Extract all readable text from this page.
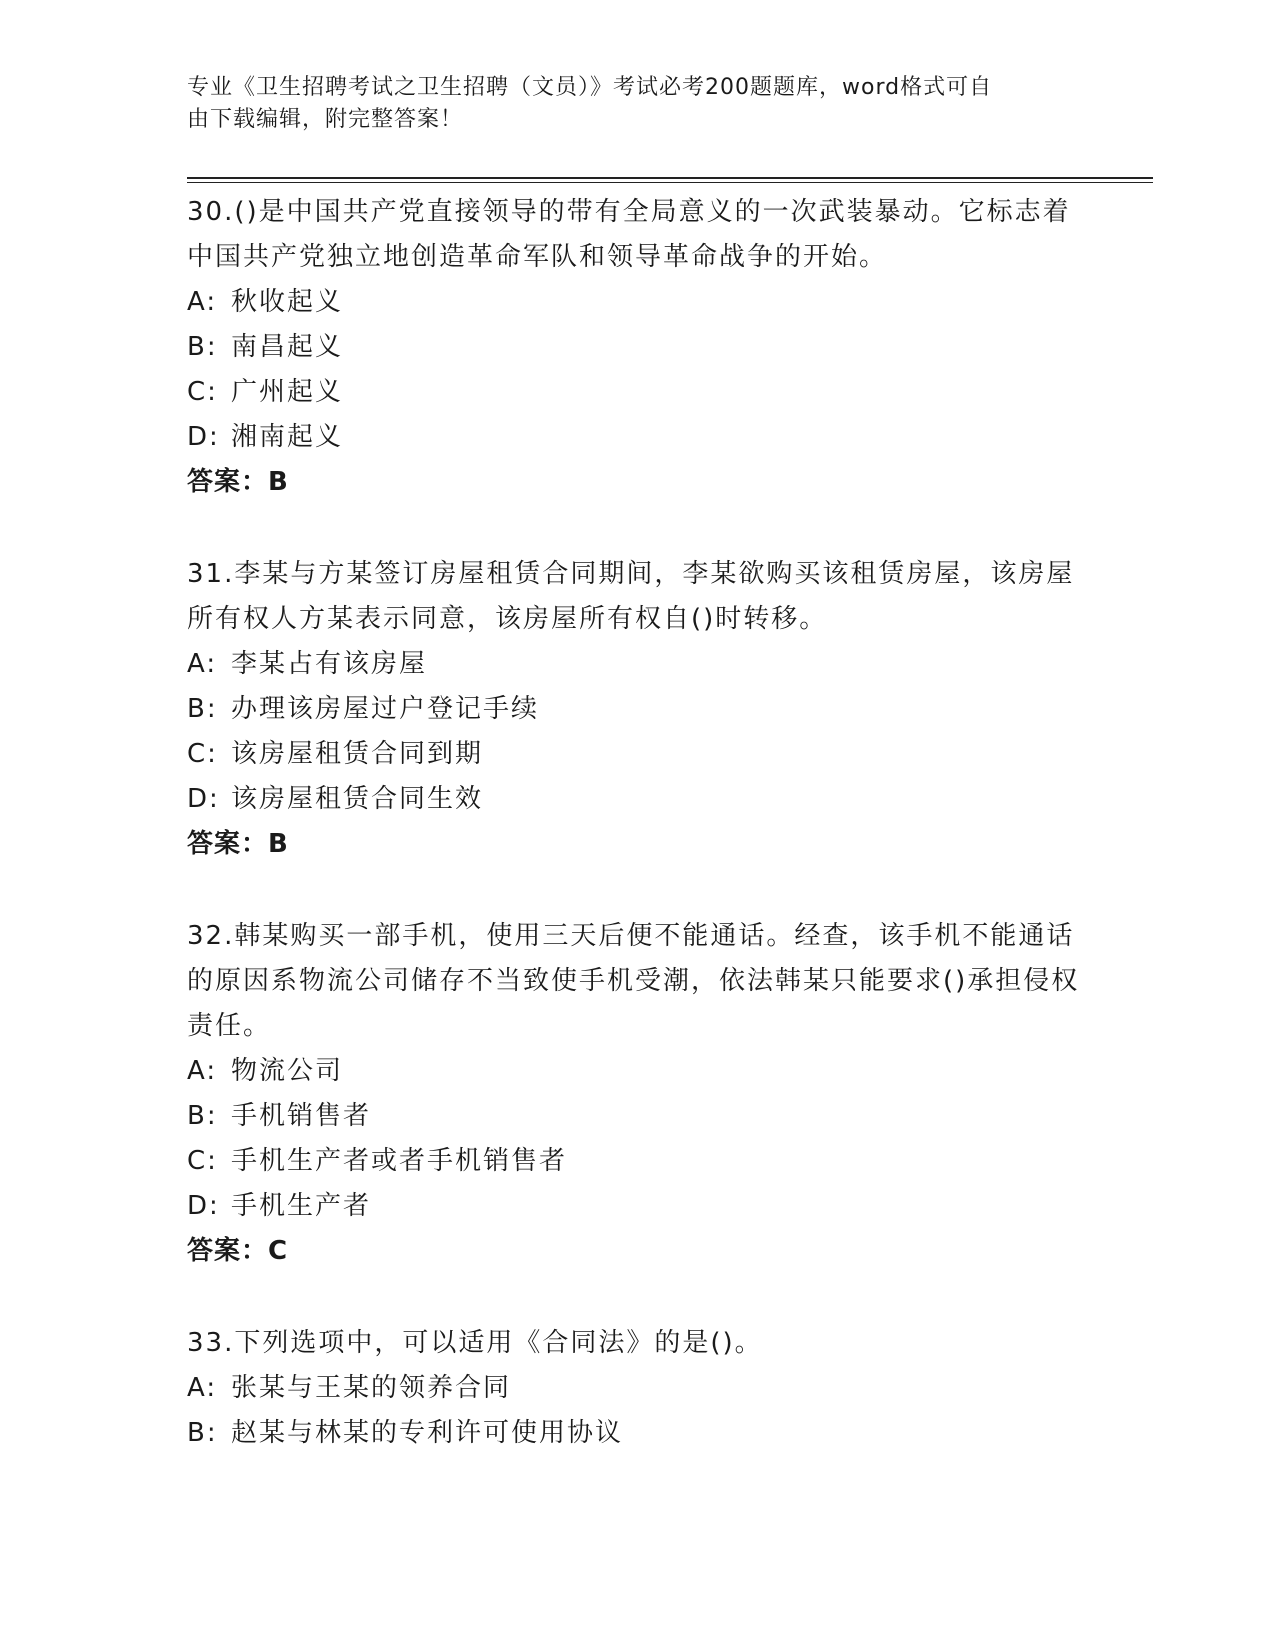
专业《卫生招聘考试之卫生招聘（文员）》考试必考200题题库，word格式可自
由下载编辑，附完整答案！

30.()是中国共产党直接领导的带有全局意义的一次武装暴动。它标志着中国共产党独立地创造革命军队和领导革命战争的开始。

A: 秋收起义

B: 南昌起义

C: 广州起义

D: 湘南起义

答案：B

31.李某与方某签订房屋租赁合同期间，李某欲购买该租赁房屋，该房屋所有权人方某表示同意，该房屋所有权自()时转移。

A: 李某占有该房屋

B: 办理该房屋过户登记手续

C: 该房屋租赁合同到期

D: 该房屋租赁合同生效

答案：B

32.韩某购买一部手机，使用三天后便不能通话。经查，该手机不能通话的原因系物流公司储存不当致使手机受潮，依法韩某只能要求()承担侵权责任。

A: 物流公司

B: 手机销售者

C: 手机生产者或者手机销售者

D: 手机生产者

答案：C

33.下列选项中，可以适用《合同法》的是()。

A: 张某与王某的领养合同

B: 赵某与林某的专利许可使用协议
